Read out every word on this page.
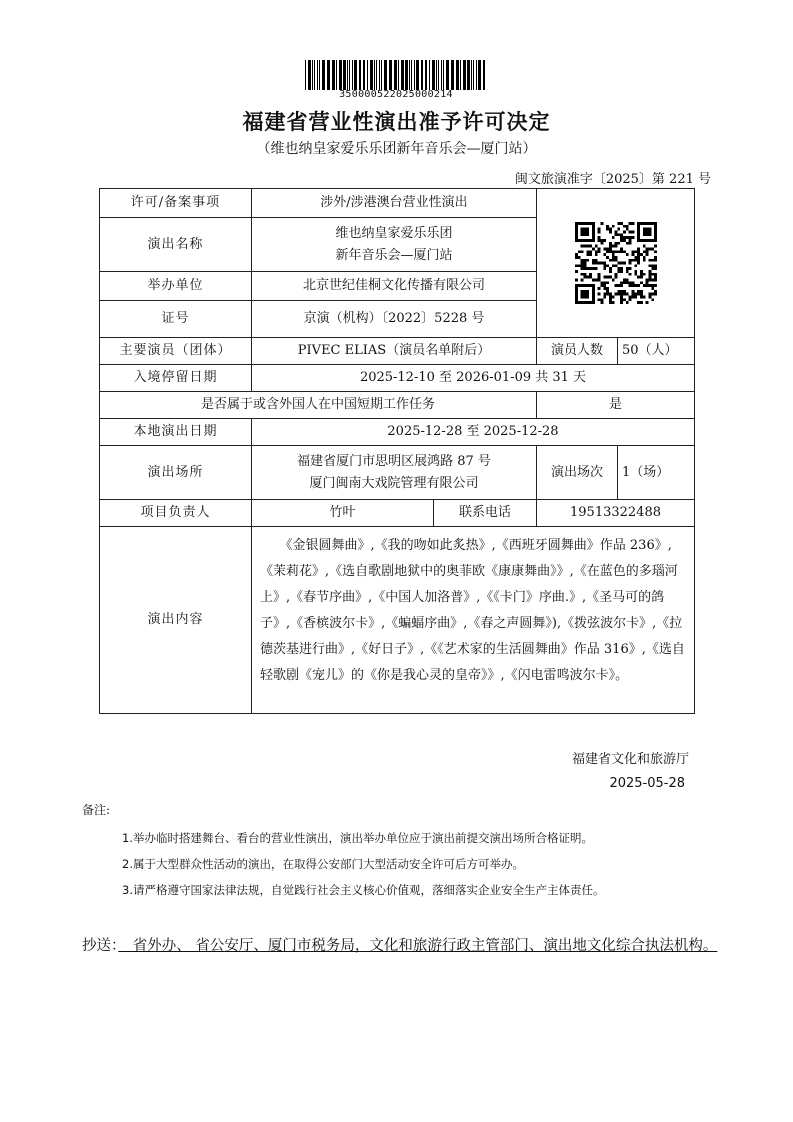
350000522025000214
福建省营业性演出准予许可决定
（维也纳皇家爱乐乐团新年音乐会—厦门站）
闽文旅演准字〔2025〕第 221 号
许可/备案事项	涉外/涉港澳台营业性演出	

演出名称	维也纳皇家爱乐乐团
新年音乐会—厦门站			

举办单位	北京世纪佳桐文化传播有限公司			
证号	京演（机构）〔2022〕5228 号			
主要演员（团体）	PIVEC ELIAS（演员名单附后）		演员人数	50（人）
入境停留日期	2025-12-10 至 2026-01-09 共 31 天			
是否属于或含外国人在中国短期工作任务			是	
本地演出日期	2025-12-28 至 2025-12-28			
演出场所	福建省厦门市思明区展鸿路 87 号
厦门闽南大戏院管理有限公司		演出场次	1（场）
项目负责人	竹叶	联系电话	19513322488	
演出内容	　　《金银圆舞曲》,《我的吻如此炙热》,《西班牙圆舞曲》作品 236》,《茉莉花》,《选自歌剧地狱中的奥菲欧《康康舞曲》》,《在蓝色的多瑙河上》,《春节序曲》,《中国人加洛普》,《《卡门》序曲.》,《圣马可的鸽子》,《香槟波尔卡》,《蝙蝠序曲》,《春之声圆舞》),《拨弦波尔卡》,《拉德茨基进行曲》,《好日子》,《《艺术家的生活圆舞曲》作品 316》,《选自轻歌剧《宠儿》的《你是我心灵的皇帝》》,《闪电雷鸣波尔卡》。			
福建省文化和旅游厅
2025-05-28
备注:
1.举办临时搭建舞台、看台的营业性演出，演出举办单位应于演出前提交演出场所合格证明。
2.属于大型群众性活动的演出，在取得公安部门大型活动安全许可后方可举办。
3.请严格遵守国家法律法规，自觉践行社会主义核心价值观，落细落实企业安全生产主体责任。
抄送：　省外办、 省公安厅、厦门市税务局，文化和旅游行政主管部门、演出地文化综合执法机构。
